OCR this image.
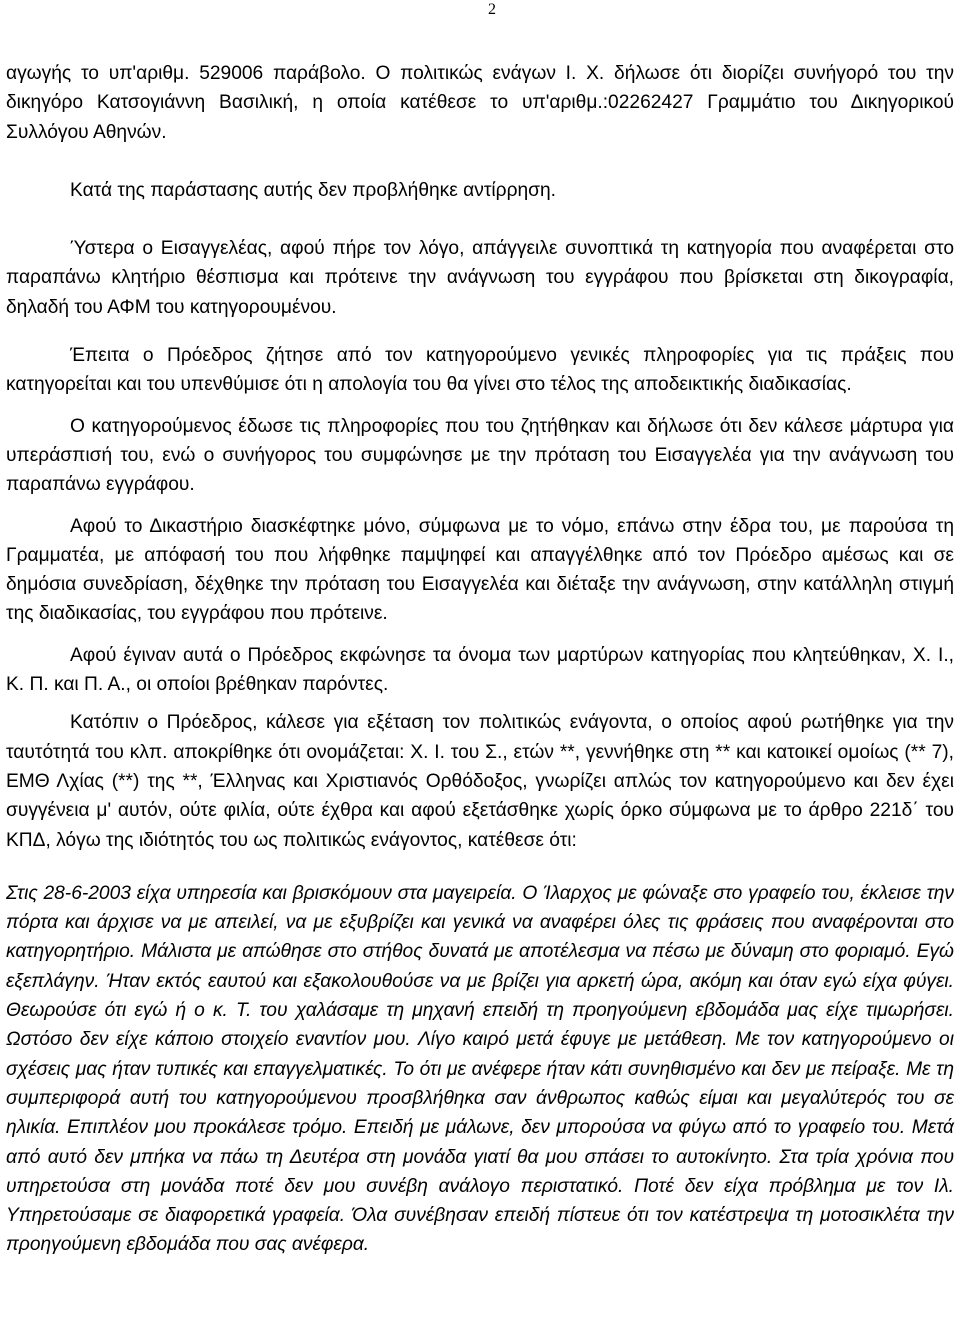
2

αγωγής το υπ'αριθμ. 529006 παράβολο. Ο πολιτικώς ενάγων Ι. Χ. δήλωσε ότι διορίζει συνήγορό του την δικηγόρο Κατσογιάννη Βασιλική, η οποία κατέθεσε το υπ'αριθμ.:02262427 Γραμμάτιο του Δικηγορικού Συλλόγου Αθηνών.

Κατά της παράστασης αυτής δεν προβλήθηκε αντίρρηση.

Ύστερα ο Εισαγγελέας, αφού πήρε τον λόγο, απάγγειλε συνοπτικά τη κατηγορία που αναφέρεται στο παραπάνω κλητήριο θέσπισμα και πρότεινε την ανάγνωση του εγγράφου που βρίσκεται στη δικογραφία, δηλαδή του ΑΦΜ του κατηγορουμένου.

Έπειτα ο Πρόεδρος ζήτησε από τον κατηγορούμενο γενικές πληροφορίες για τις πράξεις που κατηγορείται και του υπενθύμισε ότι η απολογία του θα γίνει στο τέλος της αποδεικτικής διαδικασίας.

Ο κατηγορούμενος έδωσε τις πληροφορίες που του ζητήθηκαν και δήλωσε ότι δεν κάλεσε μάρτυρα για υπεράσπισή του, ενώ ο συνήγορος του συμφώνησε με την πρόταση του Εισαγγελέα για την ανάγνωση του παραπάνω εγγράφου.

Αφού το Δικαστήριο διασκέφτηκε μόνο, σύμφωνα με το νόμο, επάνω στην έδρα του, με παρούσα τη Γραμματέα, με απόφασή του που λήφθηκε παμψηφεί και απαγγέλθηκε από τον Πρόεδρο αμέσως και σε δημόσια συνεδρίαση, δέχθηκε την πρόταση του Εισαγγελέα και διέταξε την ανάγνωση, στην κατάλληλη στιγμή της διαδικασίας, του εγγράφου που πρότεινε.

Αφού έγιναν αυτά ο Πρόεδρος εκφώνησε τα όνομα των μαρτύρων κατηγορίας που κλητεύθηκαν, Χ. Ι., Κ. Π. και Π. Α., οι οποίοι βρέθηκαν παρόντες.

Κατόπιν ο Πρόεδρος, κάλεσε για εξέταση τον πολιτικώς ενάγοντα, ο οποίος αφού ρωτήθηκε για την ταυτότητά του κλπ. αποκρίθηκε ότι ονομάζεται: Χ. Ι. του Σ., ετών **, γεννήθηκε στη ** και κατοικεί ομοίως (** 7), ΕΜΘ Λχίας (**) της **, Έλληνας και Χριστιανός Ορθόδοξος, γνωρίζει απλώς τον κατηγορούμενο και δεν έχει συγγένεια μ' αυτόν, ούτε φιλία, ούτε έχθρα και αφού εξετάσθηκε χωρίς όρκο σύμφωνα με το άρθρο 221δ΄ του ΚΠΔ, λόγω της ιδιότητός του ως πολιτικώς ενάγοντος, κατέθεσε ότι:

Στις 28-6-2003 είχα υπηρεσία και βρισκόμουν στα μαγειρεία. Ο Ίλαρχος με φώναξε στο γραφείο του, έκλεισε την πόρτα και άρχισε να με απειλεί, να με εξυβρίζει και γενικά να αναφέρει όλες τις φράσεις που αναφέρονται στο κατηγορητήριο. Μάλιστα με απώθησε στο στήθος δυνατά με αποτέλεσμα να πέσω με δύναμη στο φοριαμό. Εγώ εξεπλάγην. Ήταν εκτός εαυτού και εξακολουθούσε να με βρίζει για αρκετή ώρα, ακόμη και όταν εγώ είχα φύγει. Θεωρούσε ότι εγώ ή ο κ. Τ. του χαλάσαμε τη μηχανή επειδή τη προηγούμενη εβδομάδα μας είχε τιμωρήσει. Ωστόσο δεν είχε κάποιο στοιχείο εναντίον μου. Λίγο καιρό μετά έφυγε με μετάθεση. Με τον κατηγορούμενο οι σχέσεις μας ήταν τυπικές και επαγγελματικές. Το ότι με ανέφερε ήταν κάτι συνηθισμένο και δεν με πείραξε. Με τη συμπεριφορά αυτή του κατηγορούμενου προσβλήθηκα σαν άνθρωπος καθώς είμαι και μεγαλύτερός του σε ηλικία. Επιπλέον μου προκάλεσε τρόμο. Επειδή με μάλωνε, δεν μπορούσα να φύγω από το γραφείο του. Μετά από αυτό δεν μπήκα να πάω τη Δευτέρα στη μονάδα γιατί θα μου σπάσει το αυτοκίνητο. Στα τρία χρόνια που υπηρετούσα στη μονάδα ποτέ δεν μου συνέβη ανάλογο περιστατικό. Ποτέ δεν είχα πρόβλημα με τον Ιλ. Υπηρετούσαμε σε διαφορετικά γραφεία. Όλα συνέβησαν επειδή πίστευε ότι τον κατέστρεψα τη μοτοσικλέτα την προηγούμενη εβδομάδα που σας ανέφερα.
